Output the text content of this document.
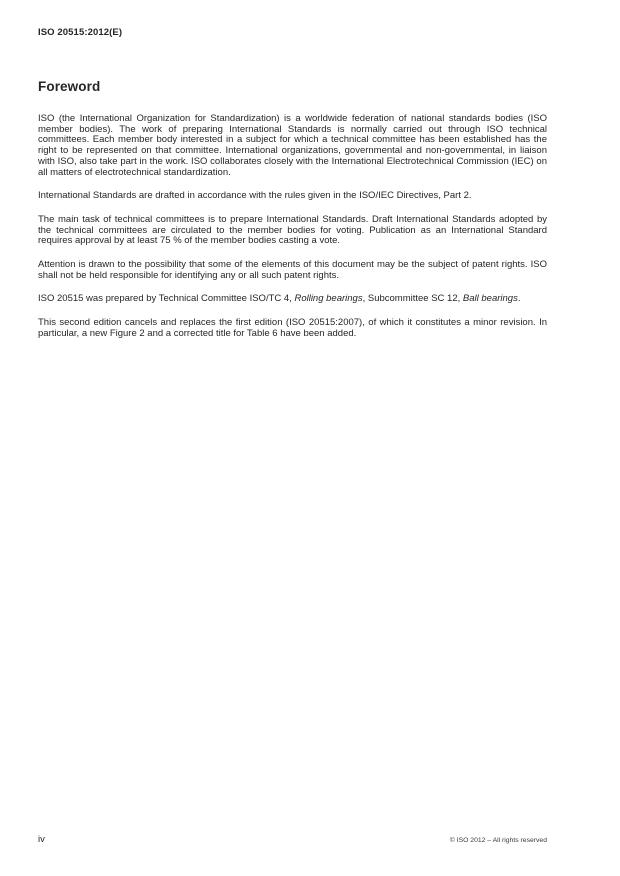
ISO 20515:2012(E)
Foreword

ISO (the International Organization for Standardization) is a worldwide federation of national standards bodies (ISO member bodies). The work of preparing International Standards is normally carried out through ISO technical committees. Each member body interested in a subject for which a technical committee has been established has the right to be represented on that committee. International organizations, governmental and non-governmental, in liaison with ISO, also take part in the work. ISO collaborates closely with the International Electrotechnical Commission (IEC) on all matters of electrotechnical standardization.

International Standards are drafted in accordance with the rules given in the ISO/IEC Directives, Part 2.

The main task of technical committees is to prepare International Standards. Draft International Standards adopted by the technical committees are circulated to the member bodies for voting. Publication as an International Standard requires approval by at least 75 % of the member bodies casting a vote.

Attention is drawn to the possibility that some of the elements of this document may be the subject of patent rights. ISO shall not be held responsible for identifying any or all such patent rights.

ISO 20515 was prepared by Technical Committee ISO/TC 4, Rolling bearings, Subcommittee SC 12, Ball bearings.

This second edition cancels and replaces the first edition (ISO 20515:2007), of which it constitutes a minor revision. In particular, a new Figure 2 and a corrected title for Table 6 have been added.

iv	© ISO 2012 – All rights reserved
